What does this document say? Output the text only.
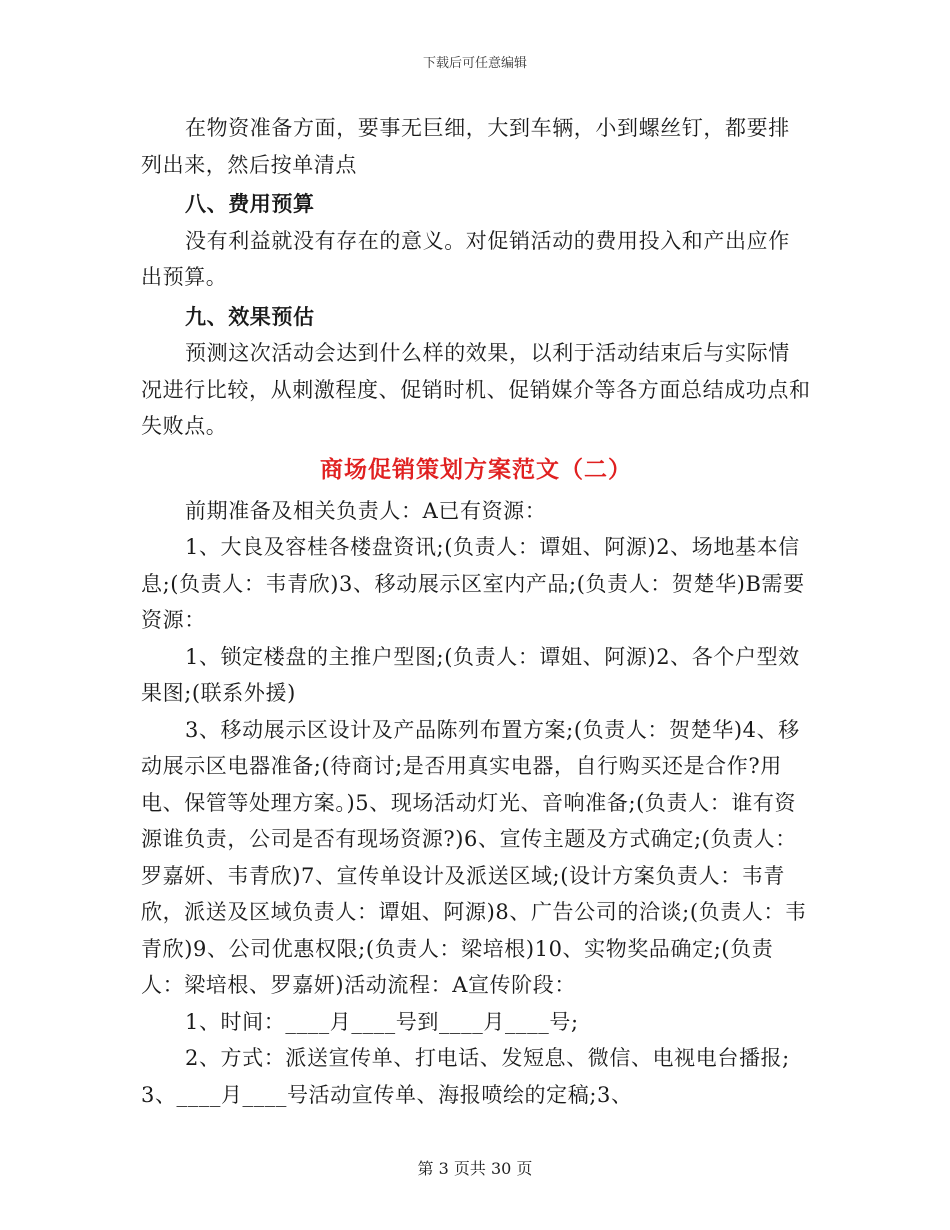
下载后可任意编辑

在物资准备方面，要事无巨细，大到车辆，小到螺丝钉，都要排列出来，然后按单清点

八、费用预算

没有利益就没有存在的意义。对促销活动的费用投入和产出应作出预算。

九、效果预估

预测这次活动会达到什么样的效果，以利于活动结束后与实际情况进行比较，从刺激程度、促销时机、促销媒介等各方面总结成功点和失败点。

商场促销策划方案范文（二）

前期准备及相关负责人：A已有资源：

1、大良及容桂各楼盘资讯;(负责人：谭姐、阿源)2、场地基本信息;(负责人：韦青欣)3、移动展示区室内产品;(负责人：贺楚华)B需要资源：

1、锁定楼盘的主推户型图;(负责人：谭姐、阿源)2、各个户型效果图;(联系外援)

3、移动展示区设计及产品陈列布置方案;(负责人：贺楚华)4、移动展示区电器准备;(待商讨;是否用真实电器，自行购买还是合作?用电、保管等处理方案。)5、现场活动灯光、音响准备;(负责人：谁有资源谁负责，公司是否有现场资源?)6、宣传主题及方式确定;(负责人：罗嘉妍、韦青欣)7、宣传单设计及派送区域;(设计方案负责人：韦青欣，派送及区域负责人：谭姐、阿源)8、广告公司的洽谈;(负责人：韦青欣)9、公司优惠权限;(负责人：梁培根)10、实物奖品确定;(负责人：梁培根、罗嘉妍)活动流程：A宣传阶段：

1、时间：____月____号到____月____号;

2、方式：派送宣传单、打电话、发短息、微信、电视电台播报;3、____月____号活动宣传单、海报喷绘的定稿;3、

第 3 页共 30 页
